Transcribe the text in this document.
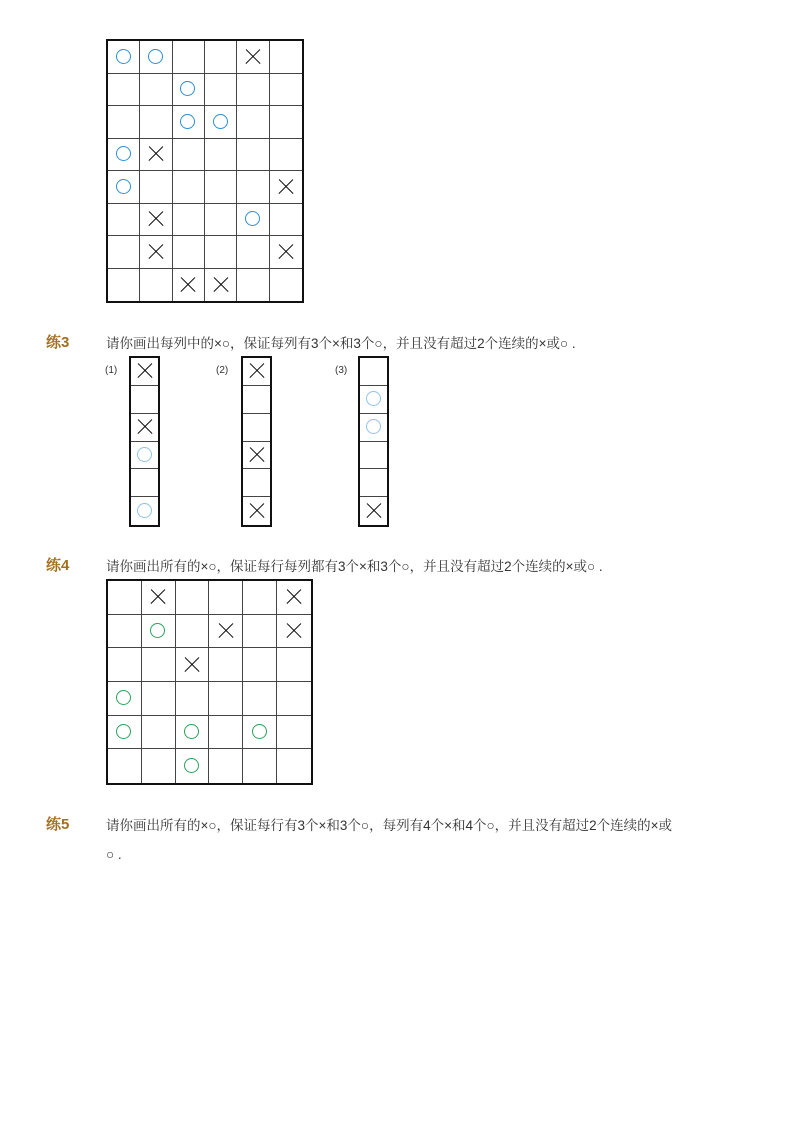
练3	请你画出每列中的×○，保证每列有3个×和3个○，并且没有超过2个连续的×或○ .
(1)	(2)	(3)
练4	请你画出所有的×○，保证每行每列都有3个×和3个○，并且没有超过2个连续的×或○ .
练5	请你画出所有的×○，保证每行有3个×和3个○，每列有4个×和4个○，并且没有超过2个连续的×或
○ .
